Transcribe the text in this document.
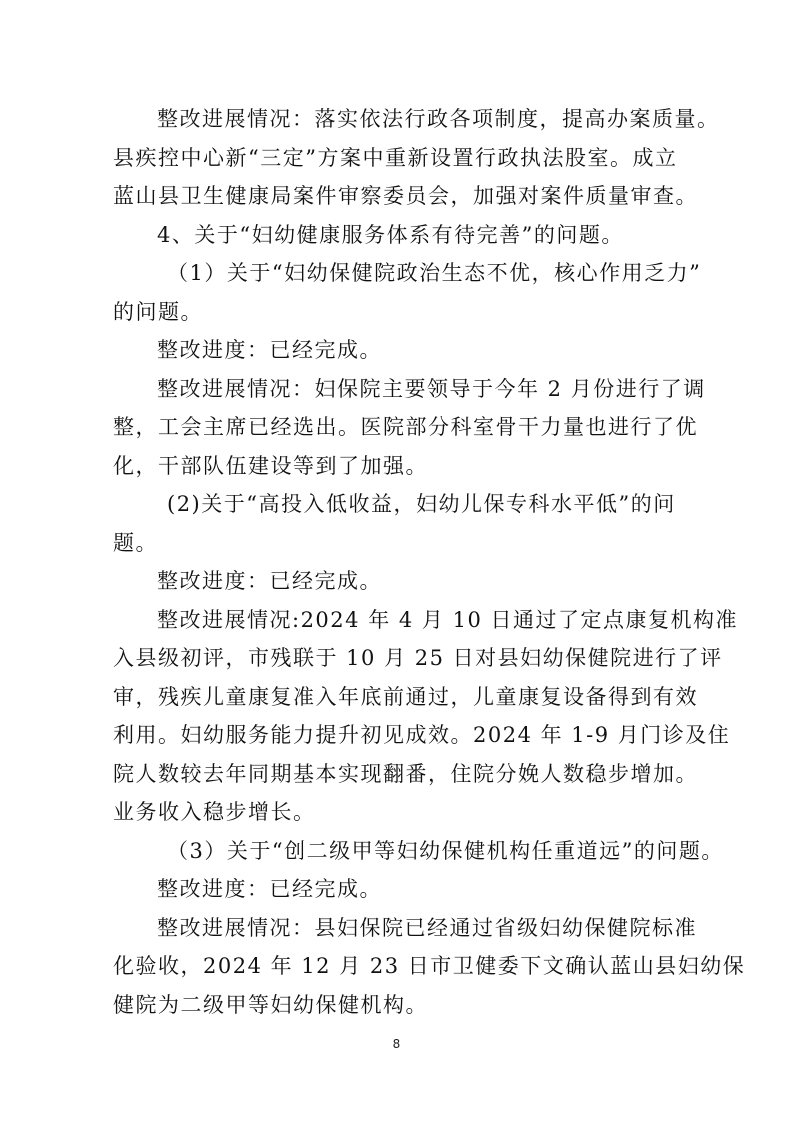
整改进展情况：落实依法行政各项制度，提高办案质量。
县疾控中心新“三定”方案中重新设置行政执法股室。成立
蓝山县卫生健康局案件审察委员会，加强对案件质量审查。
4、关于“妇幼健康服务体系有待完善”的问题。
（1）关于“妇幼保健院政治生态不优，核心作用乏力”
的问题。
整改进度：已经完成。
整改进展情况：妇保院主要领导于今年 2 月份进行了调
整，工会主席已经选出。医院部分科室骨干力量也进行了优
化，干部队伍建设等到了加强。
(2)关于“高投入低收益，妇幼儿保专科水平低”的问
题。
整改进度：已经完成。
整改进展情况:2024 年 4 月 10 日通过了定点康复机构准
入县级初评，市残联于 10 月 25 日对县妇幼保健院进行了评
审，残疾儿童康复准入年底前通过，儿童康复设备得到有效
利用。妇幼服务能力提升初见成效。2024 年 1-9 月门诊及住
院人数较去年同期基本实现翻番，住院分娩人数稳步增加。
业务收入稳步增长。
（3）关于“创二级甲等妇幼保健机构任重道远”的问题。
整改进度：已经完成。
整改进展情况：县妇保院已经通过省级妇幼保健院标准
化验收，2024 年 12 月 23 日市卫健委下文确认蓝山县妇幼保
健院为二级甲等妇幼保健机构。
8
